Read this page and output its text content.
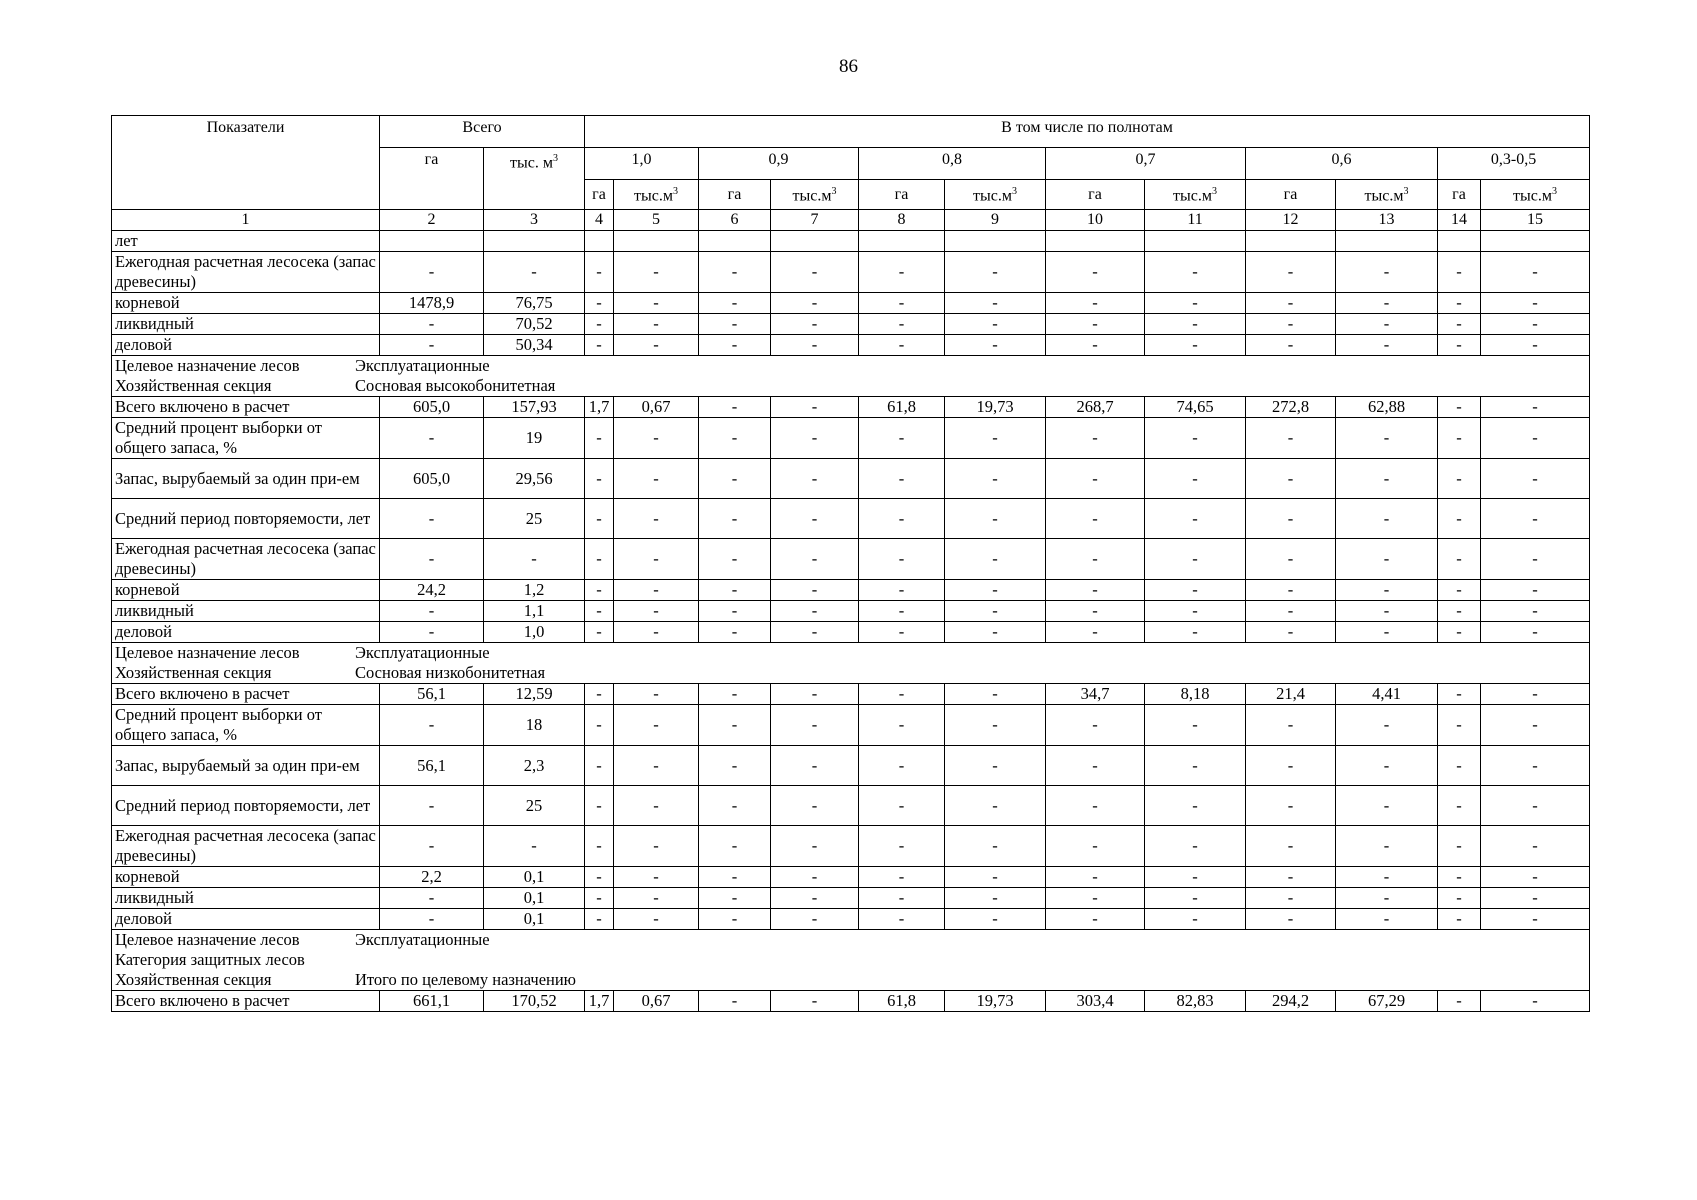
86
Показатели	Всего		В том числе по полнотам											
	га	тыс. $м^3$	1,0		0,9		0,8		0,7		0,6		0,3-0,5	
			га	$тыс.м^3$	га	$тыс.м^3$	га	$тыс.м^3$	га	$тыс.м^3$	га	$тыс.м^3$	га	$тыс.м^3$
1	2	3	4	5	6	7	8	9	10	11	12	13	14	15
лет														
Ежегодная расчетная лесосека (запас древесины)	-	-	-	-	-	-	-	-	-	-	-	-	-	-
корневой	1478,9	76,75	-	-	-	-	-	-	-	-	-	-	-	-
ликвидный	-	70,52	-	-	-	-	-	-	-	-	-	-	-	-
деловой	-	50,34	-	-	-	-	-	-	-	-	-	-	-	-

Целевое назначение лесов Эксплуатационные
Хозяйственная секция Сосновая высокобонитетная														

Всего включено в расчет	605,0	157,93	1,7	0,67	-	-	61,8	19,73	268,7	74,65	272,8	62,88	-	-
Средний процент выборки от общего запаса, %	-	19	-	-	-	-	-	-	-	-	-	-	-	-
Запас, вырубаемый за один при-ем	605,0	29,56	-	-	-	-	-	-	-	-	-	-	-	-
Средний период повторяемости, лет	-	25	-	-	-	-	-	-	-	-	-	-	-	-
Ежегодная расчетная лесосека (запас древесины)	-	-	-	-	-	-	-	-	-	-	-	-	-	-
корневой	24,2	1,2	-	-	-	-	-	-	-	-	-	-	-	-
ликвидный	-	1,1	-	-	-	-	-	-	-	-	-	-	-	-
деловой	-	1,0	-	-	-	-	-	-	-	-	-	-	-	-

Целевое назначение лесов Эксплуатационные
Хозяйственная секция Сосновая низкобонитетная														

Всего включено в расчет	56,1	12,59	-	-	-	-	-	-	34,7	8,18	21,4	4,41	-	-
Средний процент выборки от общего запаса, %	-	18	-	-	-	-	-	-	-	-	-	-	-	-
Запас, вырубаемый за один при-ем	56,1	2,3	-	-	-	-	-	-	-	-	-	-	-	-
Средний период повторяемости, лет	-	25	-	-	-	-	-	-	-	-	-	-	-	-
Ежегодная расчетная лесосека (запас древесины)	-	-	-	-	-	-	-	-	-	-	-	-	-	-
корневой	2,2	0,1	-	-	-	-	-	-	-	-	-	-	-	-
ликвидный	-	0,1	-	-	-	-	-	-	-	-	-	-	-	-
деловой	-	0,1	-	-	-	-	-	-	-	-	-	-	-	-

Целевое назначение лесов Эксплуатационные
Категория защитных лесов
Хозяйственная секция Итого по целевому назначению														

Всего включено в расчет	661,1	170,52	1,7	0,67	-	-	61,8	19,73	303,4	82,83	294,2	67,29	-	-
